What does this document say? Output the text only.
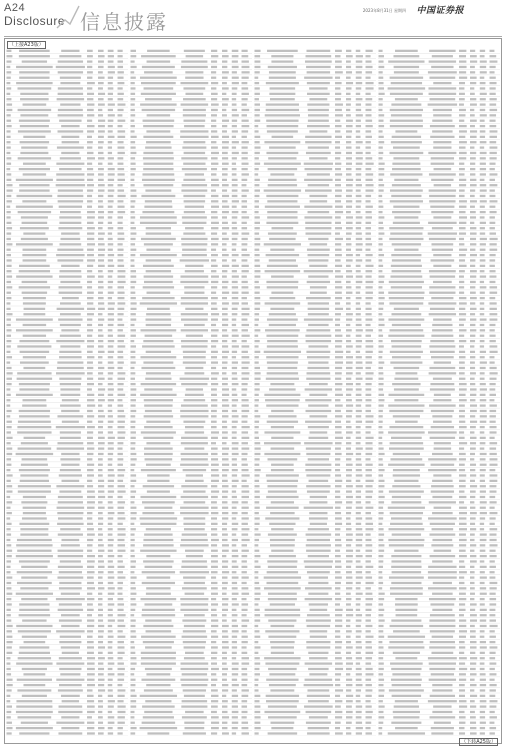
A24
Disclosure 信息披露	2023年8月31日 星期四 中国证券报
（上接A23版）
（下转A25版）
